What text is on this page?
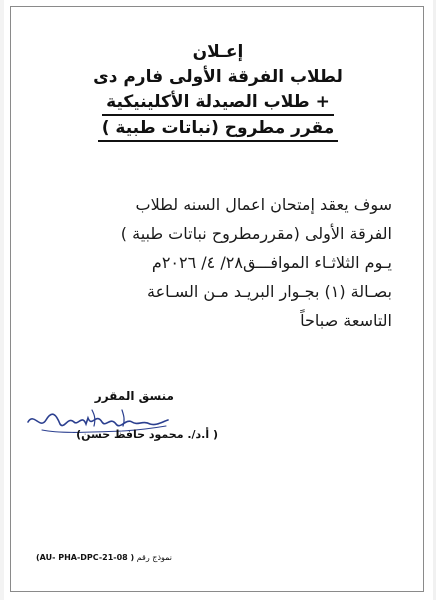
إعـلان
لطلاب الفرقة الأولى فارم دى
+ طلاب الصيدلة الأكلينيكية
مقرر مطروح (نباتات طبية )
سوف يعقد إمتحان اعمال السنه لطلاب
الفرقة الأولى (مقررمطروح نباتات طبية )
يـوم الثلاثـاء الموافـــق٢٨/ ٤/ ٢٠٢٦م
بصـالة (١) بجـوار البريـد مـن السـاعة
التاسعة صباحاً
منسق المقرر
( أ.د/. محمود حافظ حسن)
(AU- PHA-DPC-21-08 ) نموذج رقم
